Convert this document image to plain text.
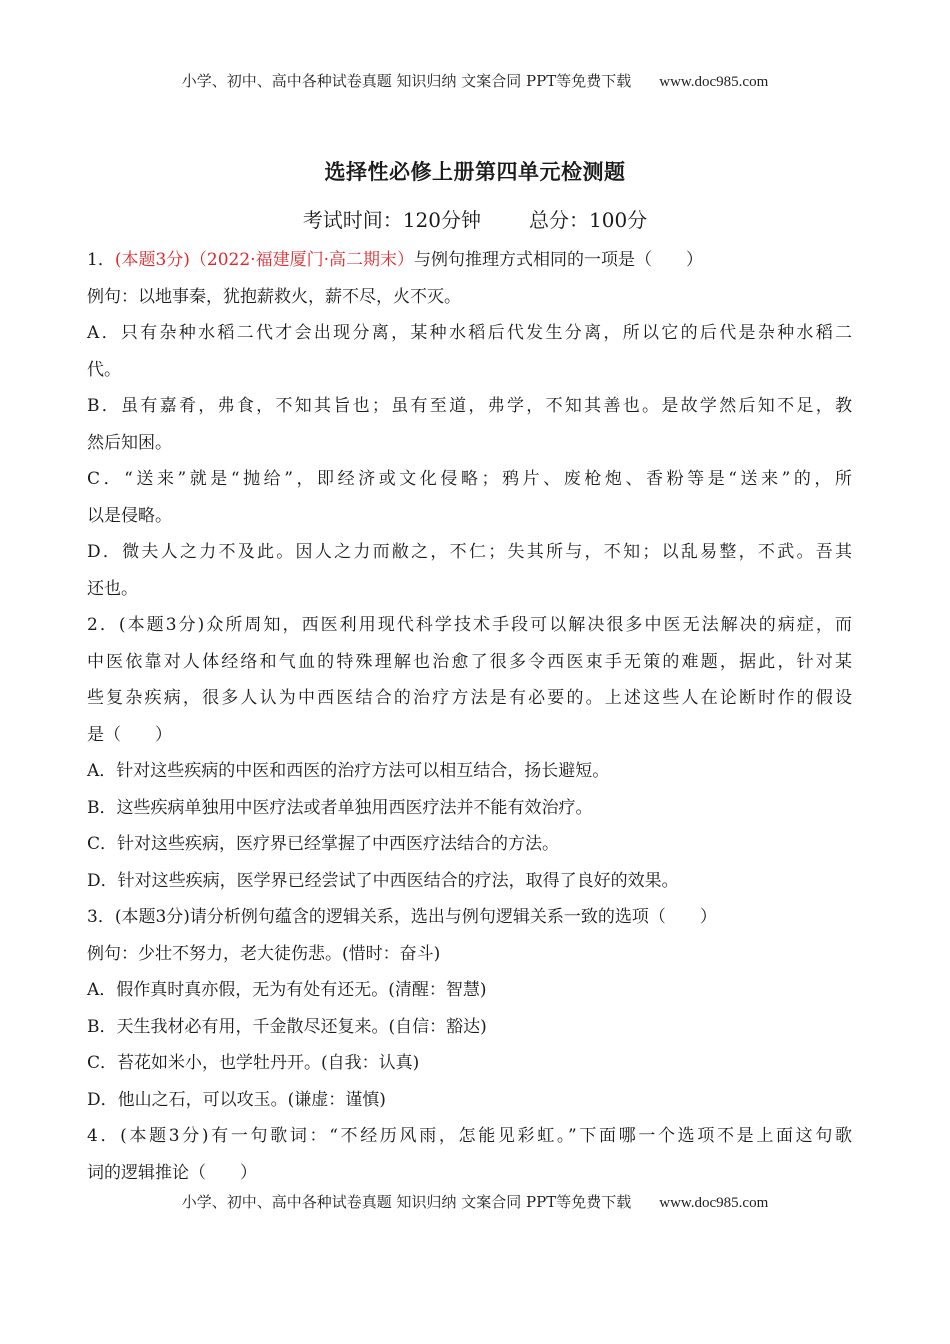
小学、初中、高中各种试卷真题 知识归纳 文案合同 PPT等免费下载 www.doc985.com
选择性必修上册第四单元检测题
考试时间：120分钟 总分：100分
1．(本题3分)（2022·福建厦门·高二期末）与例句推理方式相同的一项是（　　）
例句：以地事秦，犹抱薪救火，薪不尽，火不灭。
A．只有杂种水稻二代才会出现分离，某种水稻后代发生分离，所以它的后代是杂种水稻二
代。
B．虽有嘉肴，弗食，不知其旨也；虽有至道，弗学，不知其善也。是故学然后知不足，教
然后知困。
C．“送来”就是“抛给”，即经济或文化侵略；鸦片、废枪炮、香粉等是“送来”的，所
以是侵略。
D．微夫人之力不及此。因人之力而敝之，不仁；失其所与，不知；以乱易整，不武。吾其
还也。
2．(本题3分)众所周知，西医利用现代科学技术手段可以解决很多中医无法解决的病症，而
中医依靠对人体经络和气血的特殊理解也治愈了很多令西医束手无策的难题，据此，针对某
些复杂疾病，很多人认为中西医结合的治疗方法是有必要的。上述这些人在论断时作的假设
是（　　）
A．针对这些疾病的中医和西医的治疗方法可以相互结合，扬长避短。
B．这些疾病单独用中医疗法或者单独用西医疗法并不能有效治疗。
C．针对这些疾病，医疗界已经掌握了中西医疗法结合的方法。
D．针对这些疾病，医学界已经尝试了中西医结合的疗法，取得了良好的效果。
3．(本题3分)请分析例句蕴含的逻辑关系，选出与例句逻辑关系一致的选项（　　）
例句：少壮不努力，老大徒伤悲。(惜时：奋斗)
A．假作真时真亦假，无为有处有还无。(清醒：智慧)
B．天生我材必有用，千金散尽还复来。(自信：豁达)
C．苔花如米小，也学牡丹开。(自我：认真)
D．他山之石，可以攻玉。(谦虚：谨慎)
4．(本题3分)有一句歌词：“不经历风雨，怎能见彩虹。”下面哪一个选项不是上面这句歌
词的逻辑推论（　　）
小学、初中、高中各种试卷真题 知识归纳 文案合同 PPT等免费下载 www.doc985.com
